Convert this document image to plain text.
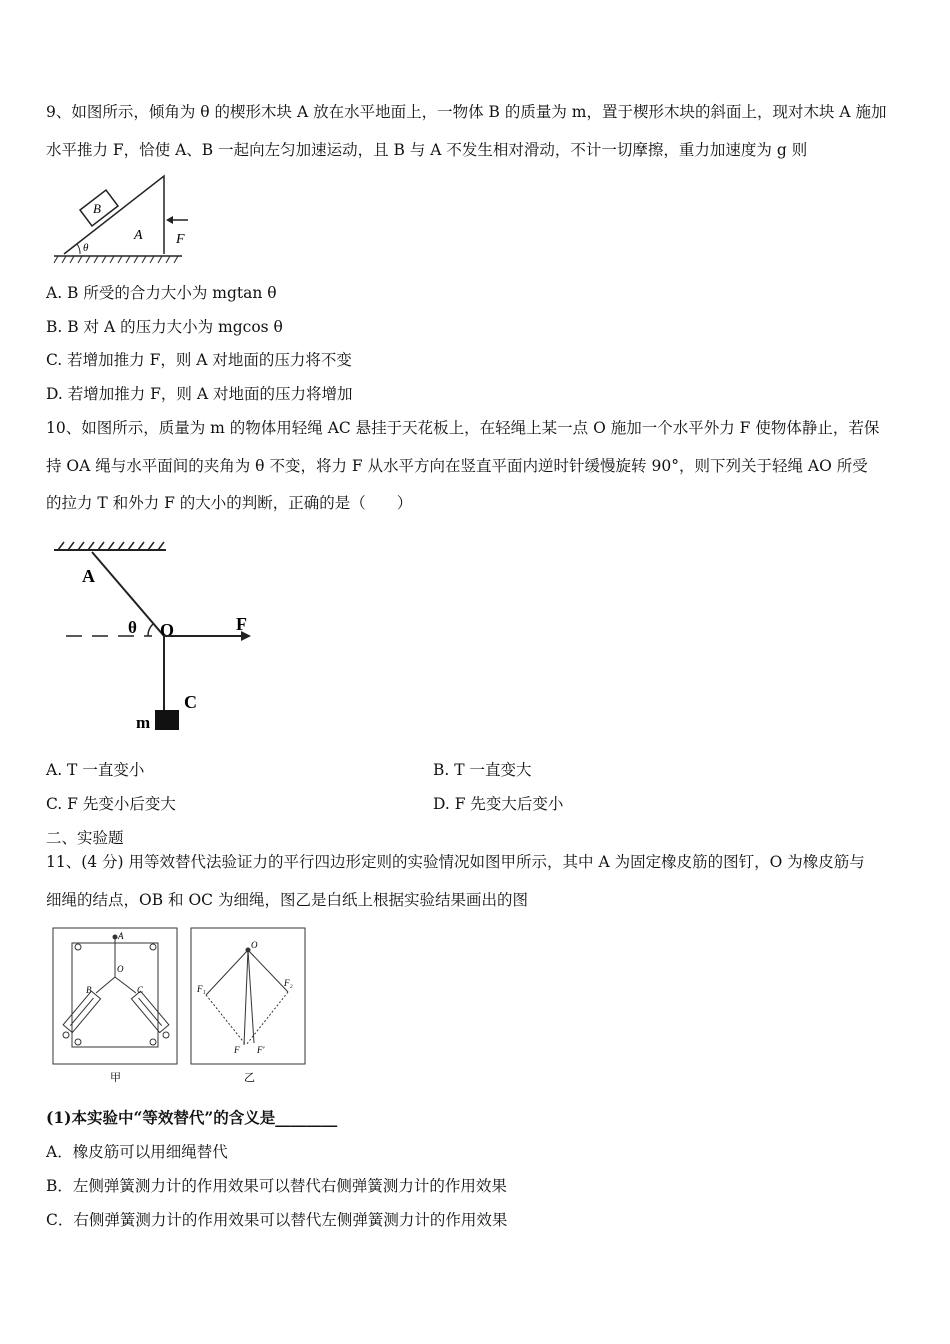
9、如图所示，倾角为 θ 的楔形木块 A 放在水平地面上，一物体 B 的质量为 m，置于楔形木块的斜面上，现对木块 A 施加
水平推力 F，恰使 A、B 一起向左匀加速运动，且 B 与 A 不发生相对滑动，不计一切摩擦，重力加速度为 g 则
B
A
θ
F
A. B 所受的合力大小为 mgtan θ
B. B 对 A 的压力大小为 mgcos θ
C. 若增加推力 F，则 A 对地面的压力将不变
D. 若增加推力 F，则 A 对地面的压力将增加
10、如图所示，质量为 m 的物体用轻绳 AC 悬挂于天花板上，在轻绳上某一点 O 施加一个水平外力 F 使物体静止，若保
持 OA 绳与水平面间的夹角为 θ 不变，将力 F 从水平方向在竖直平面内逆时针缓慢旋转 90°，则下列关于轻绳 AO 所受
的拉力 T 和外力 F 的大小的判断，正确的是（　　）
A
θ O	F
C
m
A. T 一直变小	B. T 一直变大
C. F 先变小后变大	D. F 先变大后变小
二、实验题
11、(4 分) 用等效替代法验证力的平行四边形定则的实验情况如图甲所示，其中 A 为固定橡皮筋的图钉，O 为橡皮筋与
细绳的结点，OB 和 OC 为细绳，图乙是白纸上根据实验结果画出的图
A
O
B	C
甲
O
F₁
F₂
F F′
乙
(1)本实验中“等效替代”的含义是________
A．橡皮筋可以用细绳替代
B．左侧弹簧测力计的作用效果可以替代右侧弹簧测力计的作用效果
C．右侧弹簧测力计的作用效果可以替代左侧弹簧测力计的作用效果
